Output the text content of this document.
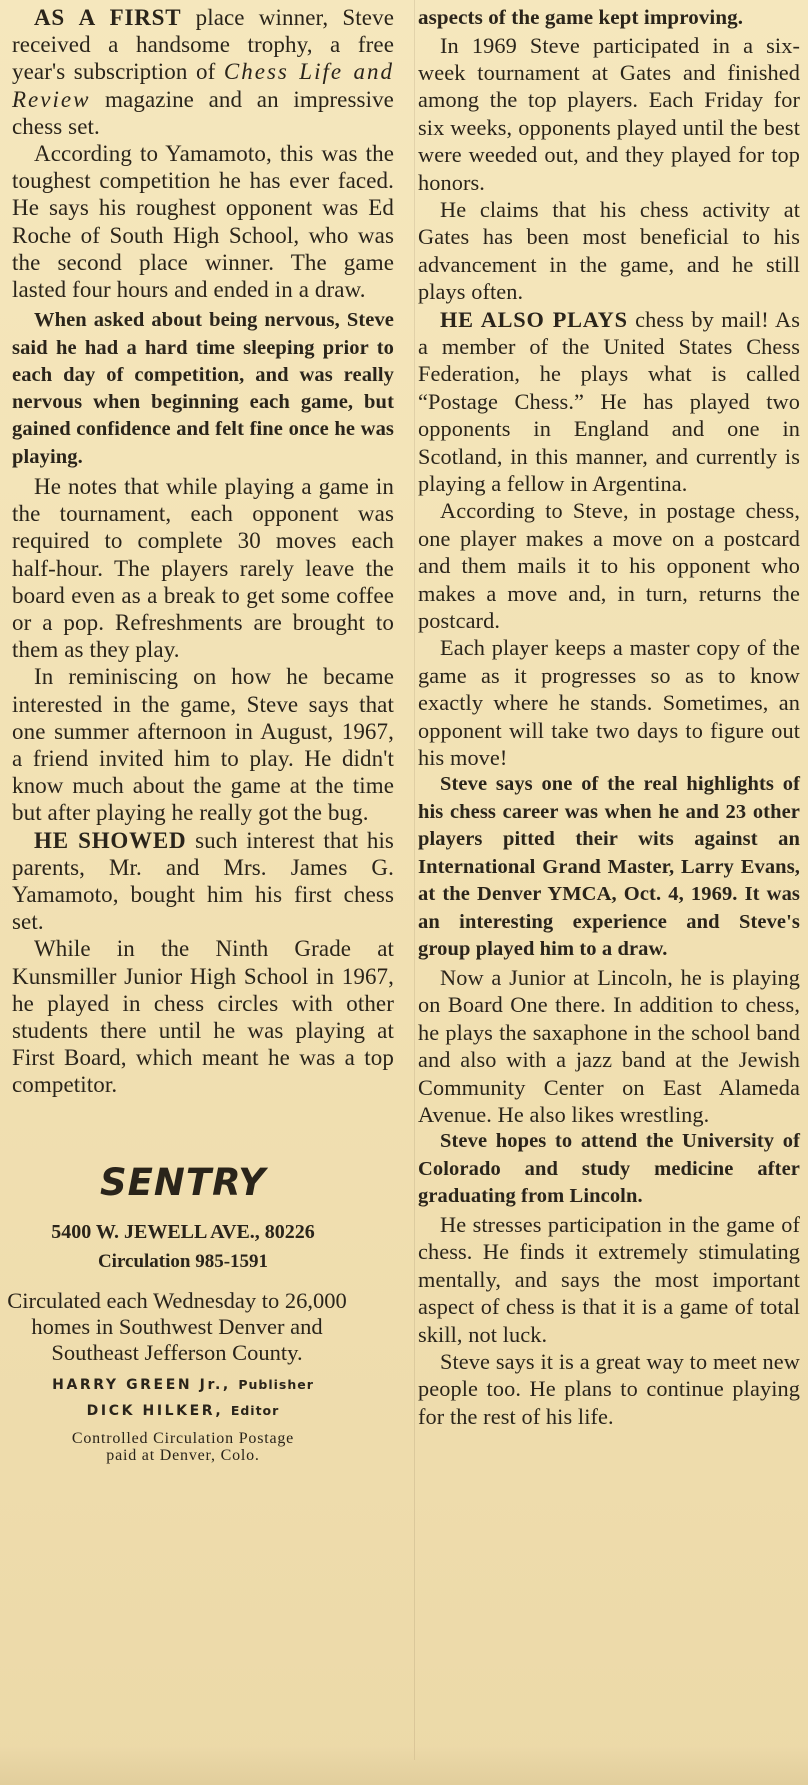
AS A FIRST place winner, Steve received a handsome trophy, a free year's subscription of Chess Life and Review magazine and an impressive chess set.

According to Yamamoto, this was the toughest competition he has ever faced. He says his roughest opponent was Ed Roche of South High School, who was the second place winner. The game lasted four hours and ended in a draw.

When asked about being nervous, Steve said he had a hard time sleeping prior to each day of competition, and was really nervous when beginning each game, but gained confidence and felt fine once he was playing.

He notes that while playing a game in the tournament, each opponent was required to complete 30 moves each half-hour. The players rarely leave the board even as a break to get some coffee or a pop. Refreshments are brought to them as they play.

In reminiscing on how he became interested in the game, Steve says that one summer afternoon in August, 1967, a friend invited him to play. He didn't know much about the game at the time but after playing he really got the bug.

HE SHOWED such interest that his parents, Mr. and Mrs. James G. Yamamoto, bought him his first chess set.

While in the Ninth Grade at Kunsmiller Junior High School in 1967, he played in chess circles with other students there until he was playing at First Board, which meant he was a top competitor.

SENTRY

5400 W. JEWELL AVE., 80226

Circulation 985-1591

Circulated each Wednesday to 26,000 homes in Southwest Denver and Southeast Jefferson County.

HARRY GREEN Jr., Publisher

DICK HILKER, Editor

Controlled Circulation Postage
paid at Denver, Colo.

aspects of the game kept improving.

In 1969 Steve participated in a six-week tournament at Gates and finished among the top players. Each Friday for six weeks, opponents played until the best were weeded out, and they played for top honors.

He claims that his chess activity at Gates has been most beneficial to his advancement in the game, and he still plays often.

HE ALSO PLAYS chess by mail! As a member of the United States Chess Federation, he plays what is called “Postage Chess.” He has played two opponents in England and one in Scotland, in this manner, and currently is playing a fellow in Argentina.

According to Steve, in postage chess, one player makes a move on a postcard and them mails it to his opponent who makes a move and, in turn, returns the postcard.

Each player keeps a master copy of the game as it progresses so as to know exactly where he stands. Sometimes, an opponent will take two days to figure out his move!

Steve says one of the real highlights of his chess career was when he and 23 other players pitted their wits against an International Grand Master, Larry Evans, at the Denver YMCA, Oct. 4, 1969. It was an interesting experience and Steve's group played him to a draw.

Now a Junior at Lincoln, he is playing on Board One there. In addition to chess, he plays the saxaphone in the school band and also with a jazz band at the Jewish Community Center on East Alameda Avenue. He also likes wrestling.

Steve hopes to attend the University of Colorado and study medicine after graduating from Lincoln.

He stresses participation in the game of chess. He finds it extremely stimulating mentally, and says the most important aspect of chess is that it is a game of total skill, not luck.

Steve says it is a great way to meet new people too. He plans to continue playing for the rest of his life.
